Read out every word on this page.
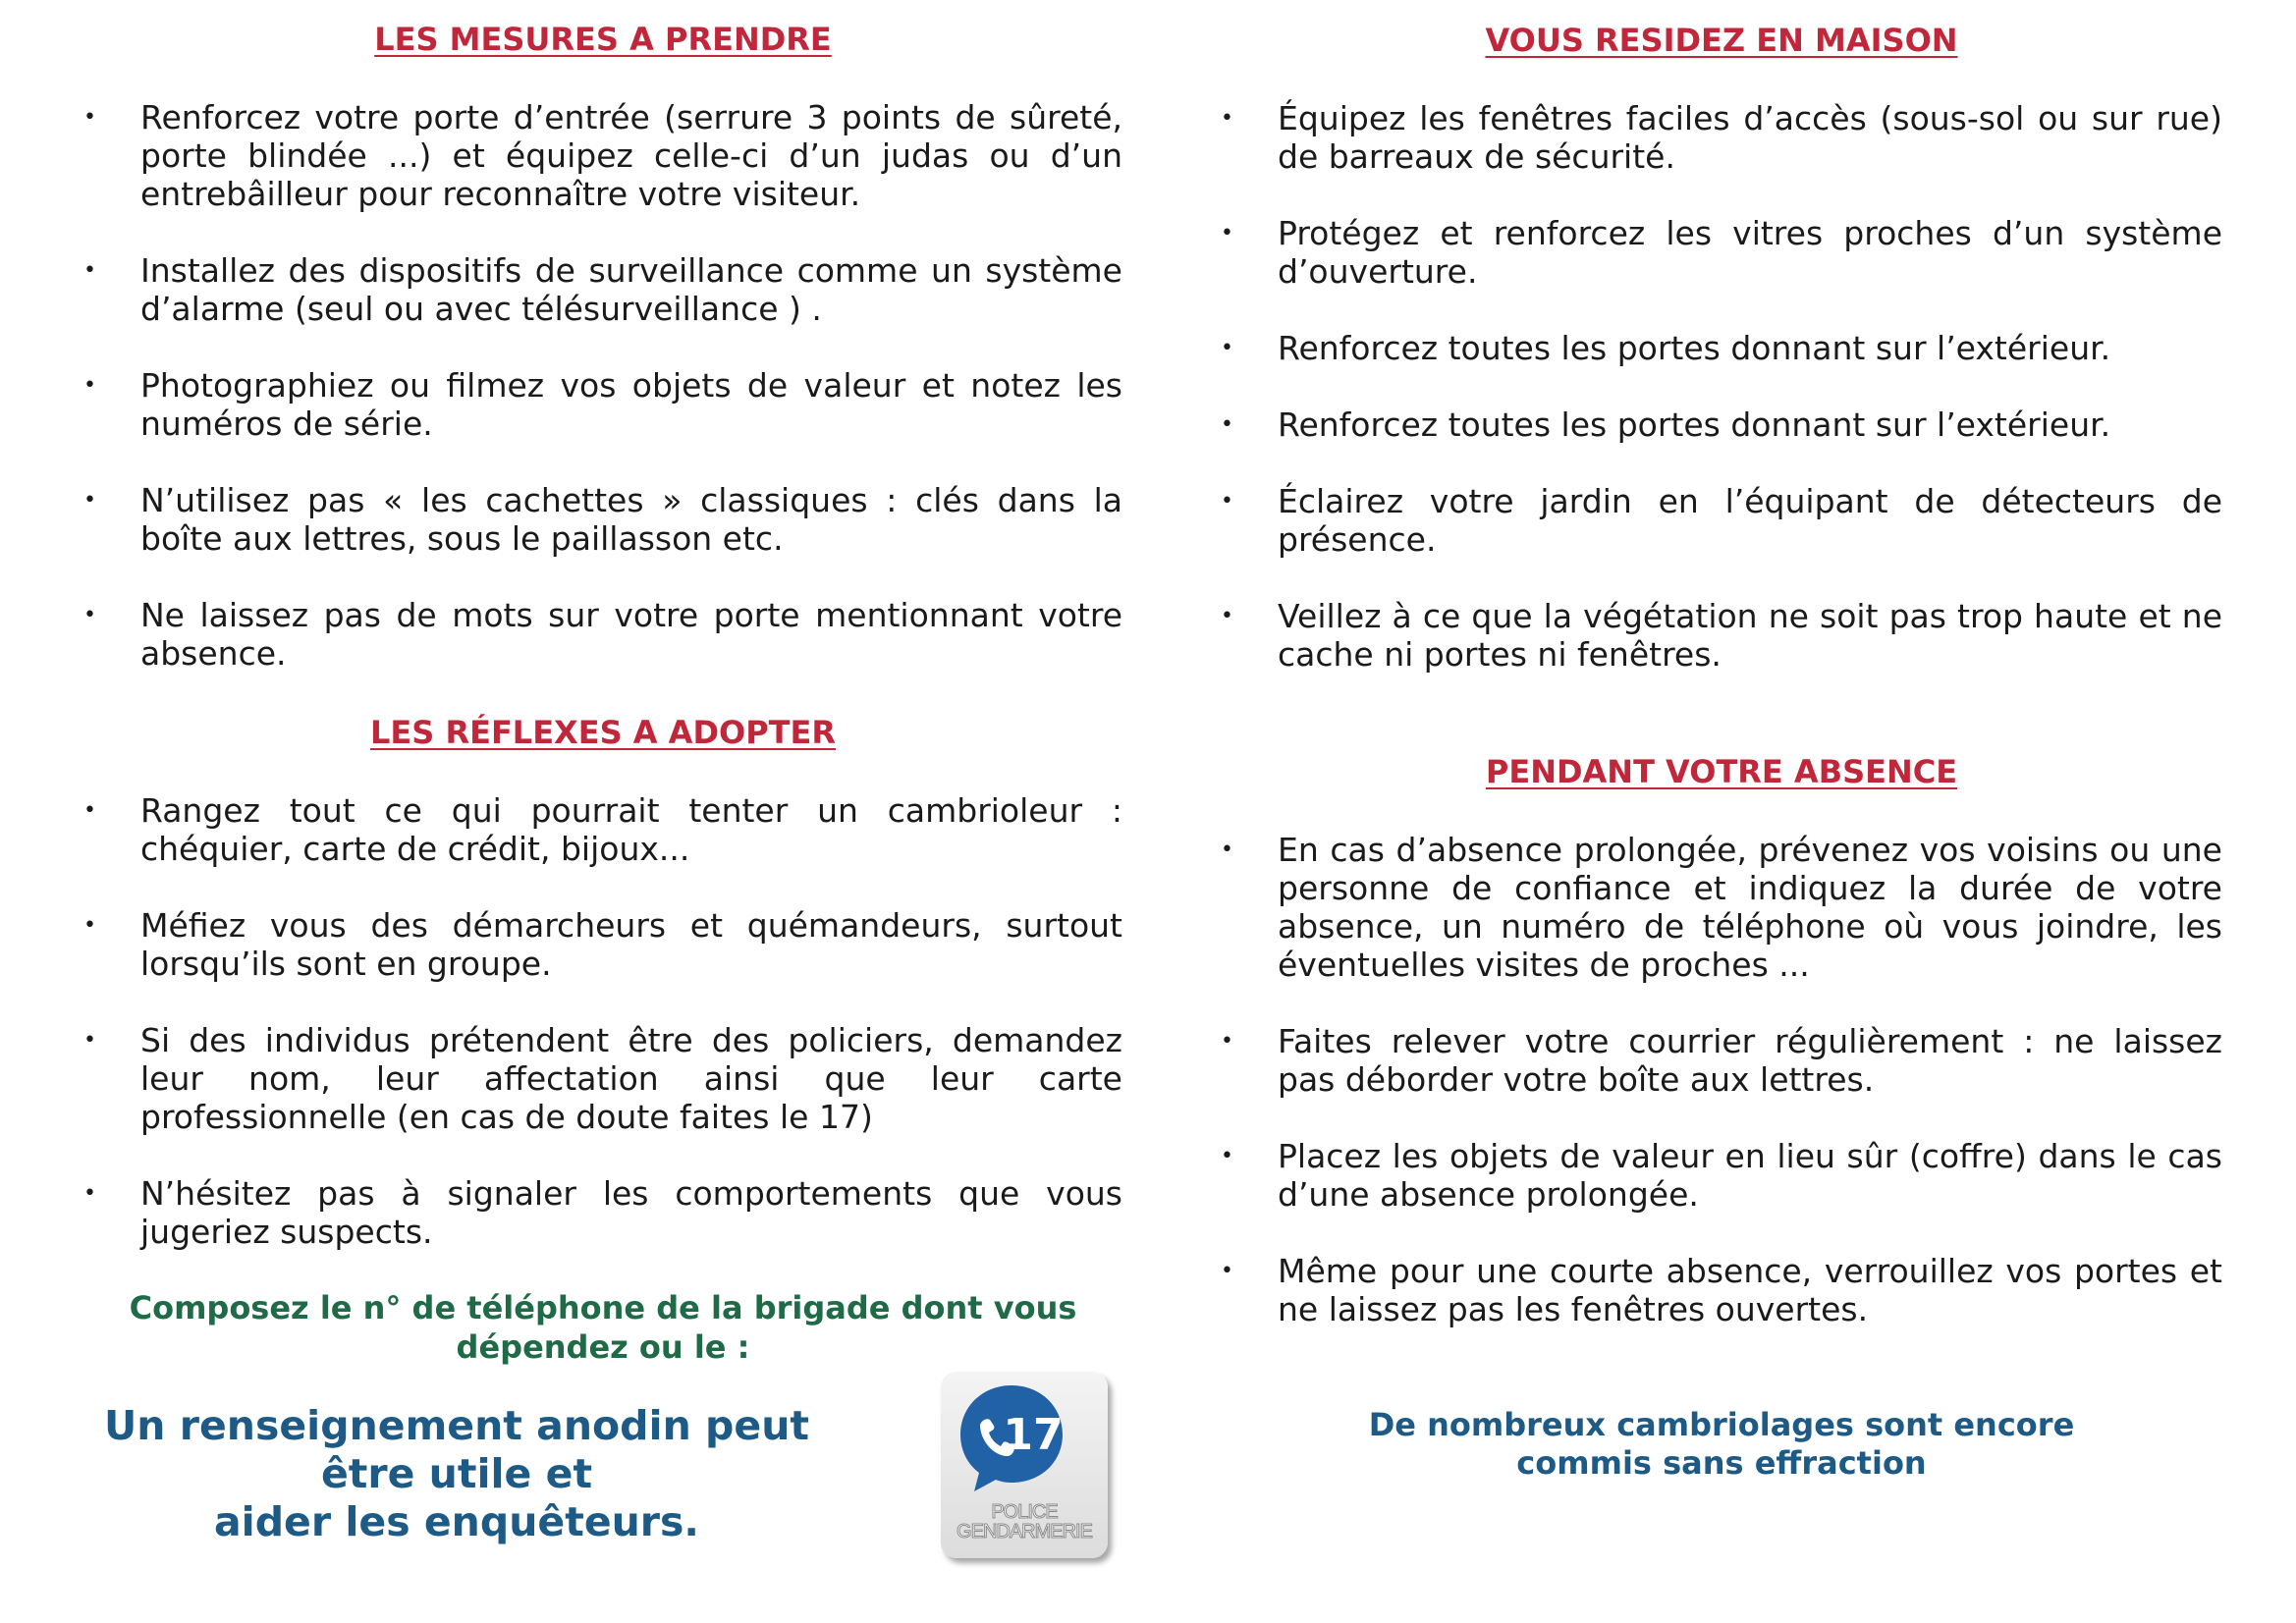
LES MESURES A PRENDRE
• Renforcez votre porte d’entrée (serrure 3 points de sûreté, porte blindée ...) et équipez celle-ci d’un judas ou d’un entrebâilleur pour reconnaître votre visiteur.
• Installez des dispositifs de surveillance comme un système d’alarme (seul ou avec télésurveillance ) .
• Photographiez ou filmez vos objets de valeur et notez les numéros de série.
• N’utilisez pas « les cachettes » classiques : clés dans la boîte aux lettres, sous le paillasson etc.
• Ne laissez pas de mots sur votre porte mentionnant votre absence.
LES RÉFLEXES A ADOPTER
• Rangez tout ce qui pourrait tenter un cambrioleur : chéquier, carte de crédit, bijoux...
• Méfiez vous des démarcheurs et quémandeurs, surtout lorsqu’ils sont en groupe.
• Si des individus prétendent être des policiers, demandez leur nom, leur affectation ainsi que leur carte professionnelle (en cas de doute faites le 17)
• N’hésitez pas à signaler les comportements que vous jugeriez suspects.

Composez le n° de téléphone de la brigade dont vous
dépendez ou le :

Un renseignement anodin peut
être utile et
aider les enquêteurs.

17
POLICE
GENDARMERIE
VOUS RESIDEZ EN MAISON
• Équipez les fenêtres faciles d’accès (sous-sol ou sur rue) de barreaux de sécurité.
• Protégez et renforcez les vitres proches d’un système d’ouverture.
• Renforcez toutes les portes donnant sur l’extérieur.
• Renforcez toutes les portes donnant sur l’extérieur.
• Éclairez votre jardin en l’équipant de détecteurs de présence.
• Veillez à ce que la végétation ne soit pas trop haute et ne cache ni portes ni fenêtres.
PENDANT VOTRE ABSENCE
• En cas d’absence prolongée, prévenez vos voisins ou une personne de confiance et indiquez la durée de votre absence, un numéro de téléphone où vous joindre, les éventuelles visites de proches ...
• Faites relever votre courrier régulièrement : ne laissez pas déborder votre boîte aux lettres.
• Placez les objets de valeur en lieu sûr (coffre) dans le cas d’une absence prolongée.
• Même pour une courte absence, verrouillez vos portes et ne laissez pas les fenêtres ouvertes.

De nombreux cambriolages sont encore
commis sans effraction
